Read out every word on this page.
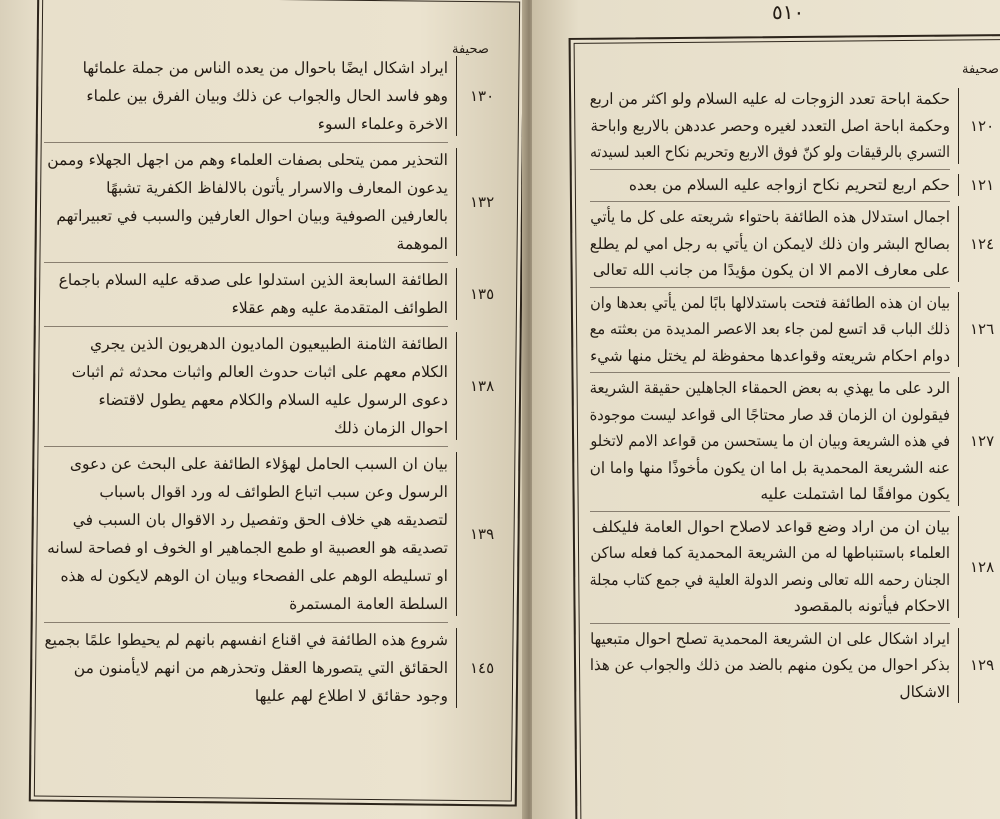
صحيفة
ايراد اشكال ايضًا باحوال من يعده الناس من جملة علمائها
وهو فاسد الحال والجواب عن ذلك وبيان الفرق بين علماء
الاخرة وعلماء السوء
١٣٠
التحذير ممن يتحلى بصفات العلماء وهم من اجهل الجهلاء وممن
يدعون المعارف والاسرار يأتون بالالفاظ الكفرية تشبهًا
بالعارفين الصوفية وبيان احوال العارفين والسبب في تعبيراتهم
الموهمة
١٣٢
الطائفة السابعة الذين استدلوا على صدقه عليه السلام باجماع
الطوائف المتقدمة عليه وهم عقلاء
١٣٥
الطائفة الثامنة الطبيعيون الماديون الدهريون الذين يجري
الكلام معهم على اثبات حدوث العالم واثبات محدثه ثم اثبات
دعوى الرسول عليه السلام والكلام معهم يطول لاقتضاء
احوال الزمان ذلك
١٣٨
بيان ان السبب الحامل لهؤلاء الطائفة على البحث عن دعوى
الرسول وعن سبب اتباع الطوائف له ورد اقوال باسباب
لتصديقه هي خلاف الحق وتفصيل رد الاقوال بان السبب في
تصديقه هو العصبية او طمع الجماهير او الخوف او فصاحة لسانه
او تسليطه الوهم على الفصحاء وبيان ان الوهم لايكون له هذه
السلطة العامة المستمرة
١٣٩
شروع هذه الطائفة في اقناع انفسهم بانهم لم يحيطوا علمًا بجميع
الحقائق التي يتصورها العقل وتحذرهم من انهم لايأمنون من
وجود حقائق لا اطلاع لهم عليها
١٤٥
٥١٠
صحيفة
حكمة اباحة تعدد الزوجات له عليه السلام ولو اكثر من اربع
وحكمة اباحة اصل التعدد لغيره وحصر عددهن بالاربع واباحة
التسري بالرقيقات ولو كنّ فوق الاربع وتحريم نكاح العبد لسيدته
١٢٠
حكم اربع لتحريم نكاح ازواجه عليه السلام من بعده ١٢١
اجمال استدلال هذه الطائفة باحتواء شريعته على كل ما يأتي
بصالح البشر وان ذلك لايمكن ان يأتي به رجل امي لم يطلع
على معارف الامم الا ان يكون مؤيدًا من جانب الله تعالى
١٢٤
بيان ان هذه الطائفة فتحت باستدلالها بابًا لمن يأتي بعدها وان
ذلك الباب قد اتسع لمن جاء بعد الاعصر المديدة من بعثته مع
دوام احكام شريعته وقواعدها محفوظة لم يختل منها شيء
١٢٦
الرد على ما يهذي به بعض الحمقاء الجاهلين حقيقة الشريعة
فيقولون ان الزمان قد صار محتاجًا الى قواعد ليست موجودة
في هذه الشريعة وبيان ان ما يستحسن من قواعد الامم لاتخلو
عنه الشريعة المحمدية بل اما ان يكون مأخوذًا منها واما ان
يكون موافقًا لما اشتملت عليه
١٢٧
بيان ان من اراد وضع قواعد لاصلاح احوال العامة فليكلف
العلماء باستنباطها له من الشريعة المحمدية كما فعله ساكن
الجنان رحمه الله تعالى ونصر الدولة العلية في جمع كتاب مجلة
الاحكام فيأتونه بالمقصود
١٢٨
ايراد اشكال على ان الشريعة المحمدية تصلح احوال متبعيها
بذكر احوال من يكون منهم بالضد من ذلك والجواب عن هذا
الاشكال
١٢٩
